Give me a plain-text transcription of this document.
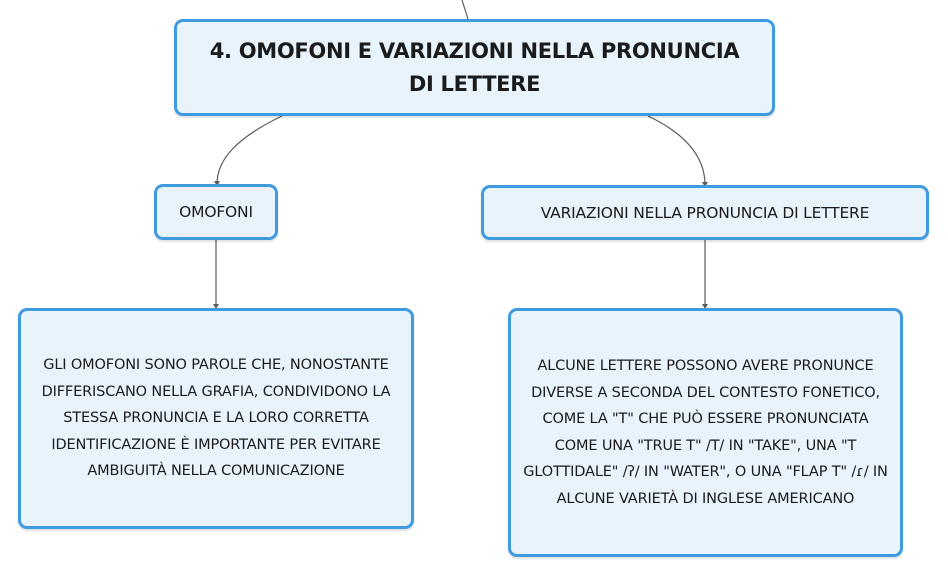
4. OMOFONI E VARIAZIONI NELLA PRONUNCIA DI LETTERE
OMOFONI	VARIAZIONI NELLA PRONUNCIA DI LETTERE
GLI OMOFONI SONO PAROLE CHE, NONOSTANTE DIFFERISCANO NELLA GRAFIA, CONDIVIDONO LA STESSA PRONUNCIA E LA LORO CORRETTA IDENTIFICAZIONE È IMPORTANTE PER EVITARE AMBIGUITÀ NELLA COMUNICAZIONE
ALCUNE LETTERE POSSONO AVERE PRONUNCE DIVERSE A SECONDA DEL CONTESTO FONETICO, COME LA "T" CHE PUÒ ESSERE PRONUNCIATA COME UNA "TRUE T" /T/ IN "TAKE", UNA "T GLOTTIDALE" /ʔ/ IN "WATER", O UNA "FLAP T" /ɾ/ IN ALCUNE VARIETÀ DI INGLESE AMERICANO
